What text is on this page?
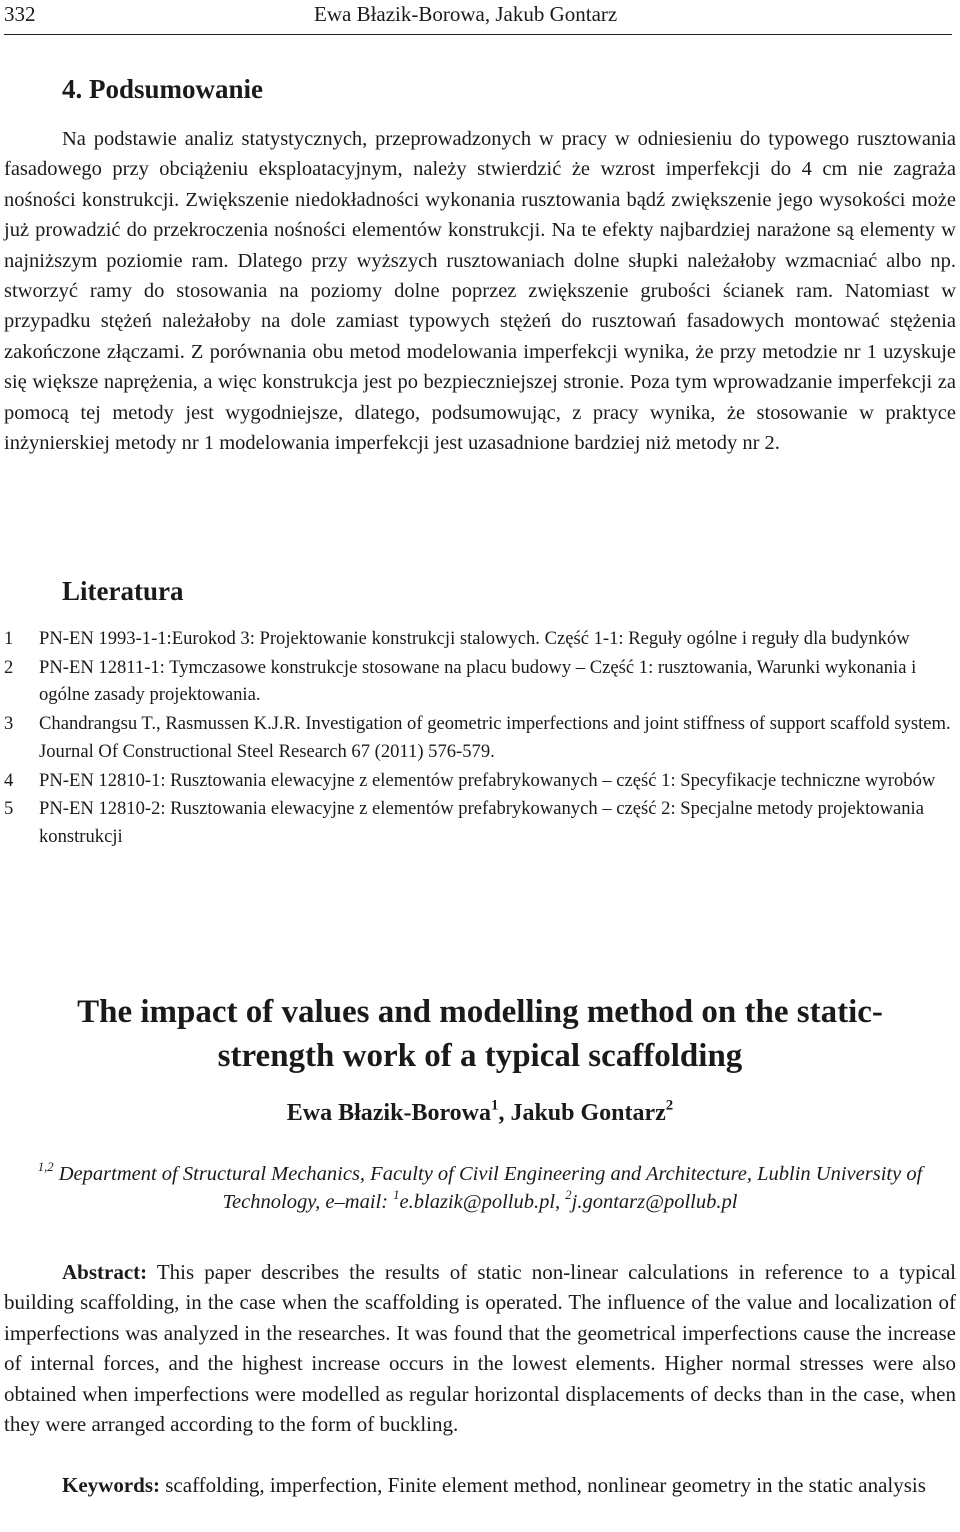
332	Ewa Błazik-Borowa, Jakub Gontarz
4. Podsumowanie

Na podstawie analiz statystycznych, przeprowadzonych w pracy w odniesieniu do typowego rusztowania fasadowego przy obciążeniu eksploatacyjnym, należy stwierdzić że wzrost imperfekcji do 4 cm nie zagraża nośności konstrukcji. Zwiększenie niedokładności wykonania rusztowania bądź zwiększenie jego wysokości może już prowadzić do przekroczenia nośności elementów konstrukcji. Na te efekty najbardziej narażone są elementy w najniższym poziomie ram. Dlatego przy wyższych rusztowaniach dolne słupki należałoby wzmacniać albo np. stworzyć ramy do stosowania na poziomy dolne poprzez zwiększenie grubości ścianek ram. Natomiast w przypadku stężeń należałoby na dole zamiast typowych stężeń do rusztowań fasadowych montować stężenia zakończone złączami. Z porównania obu metod modelowania imperfekcji wynika, że przy metodzie nr 1 uzyskuje się większe naprężenia, a więc konstrukcja jest po bezpieczniejszej stronie. Poza tym wprowadzanie imperfekcji za pomocą tej metody jest wygodniejsze, dlatego, podsumowując, z pracy wynika, że stosowanie w praktyce inżynierskiej metody nr 1 modelowania imperfekcji jest uzasadnione bardziej niż metody nr 2.

Literatura
1 PN-EN 1993-1-1:Eurokod 3: Projektowanie konstrukcji stalowych. Część 1-1: Reguły ogólne i reguły dla budynków
2 PN-EN 12811-1: Tymczasowe konstrukcje stosowane na placu budowy – Część 1: rusztowania, Warunki wykonania i ogólne zasady projektowania.
3 Chandrangsu T., Rasmussen K.J.R. Investigation of geometric imperfections and joint stiffness of support scaffold system. Journal Of Constructional Steel Research 67 (2011) 576-579.
4 PN-EN 12810-1: Rusztowania elewacyjne z elementów prefabrykowanych – część 1: Specyfikacje techniczne wyrobów
5 PN-EN 12810-2: Rusztowania elewacyjne z elementów prefabrykowanych – część 2: Specjalne metody projektowania konstrukcji
The impact of values and modelling method on the static-
strength work of a typical scaffolding
Ewa Błazik-Borowa$^1$, Jakub Gontarz$^2$

$^{1,2}$ Department of Structural Mechanics, Faculty of Civil Engineering and Architecture, Lublin University of Technology, e–mail: $^1$e.blazik@pollub.pl, $^2$j.gontarz@pollub.pl

Abstract: This paper describes the results of static non-linear calculations in reference to a typical building scaffolding, in the case when the scaffolding is operated. The influence of the value and localization of imperfections was analyzed in the researches. It was found that the geometrical imperfections cause the increase of internal forces, and the highest increase occurs in the lowest elements. Higher normal stresses were also obtained when imperfections were modelled as regular horizontal displacements of decks than in the case, when they were arranged according to the form of buckling.

Keywords: scaffolding, imperfection, Finite element method, nonlinear geometry in the static analysis
